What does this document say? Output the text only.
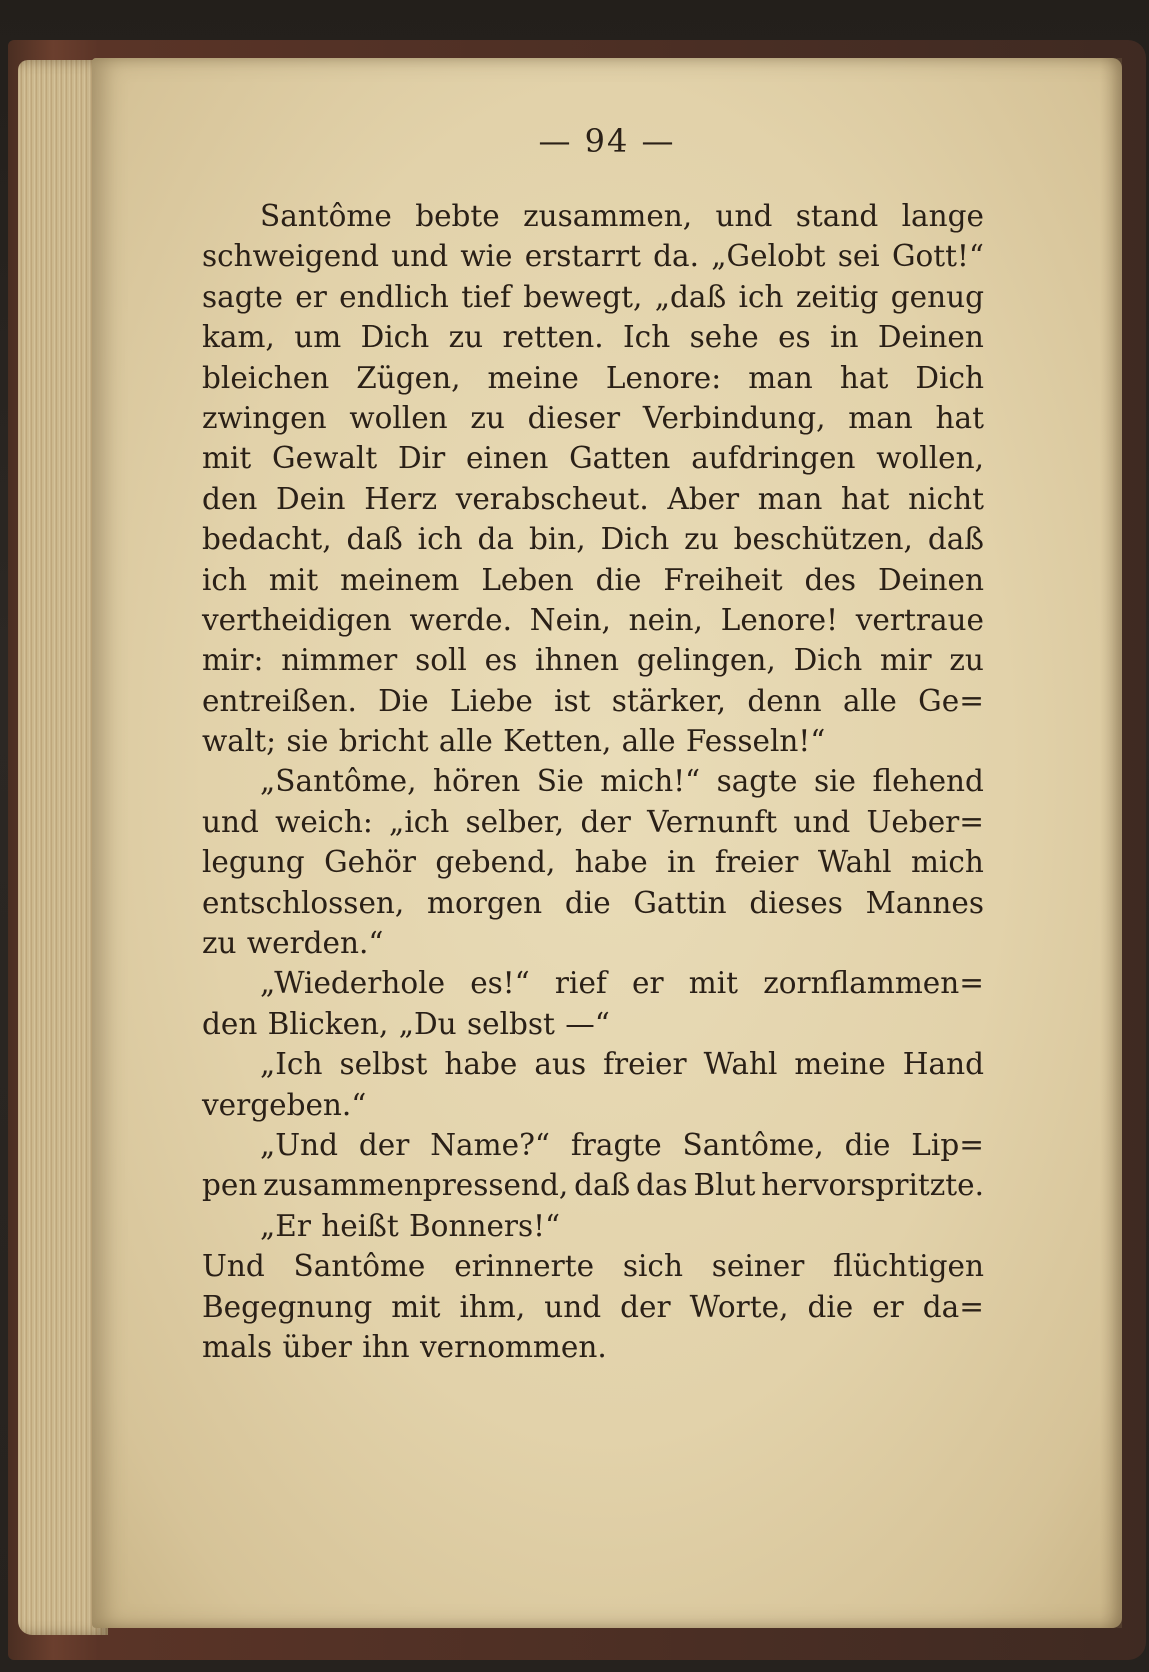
— 94 —
Santôme bebte zusammen, und stand lange
schweigend und wie erstarrt da. „Gelobt sei Gott!“
sagte er endlich tief bewegt, „daß ich zeitig genug
kam, um Dich zu retten. Ich sehe es in Deinen
bleichen Zügen, meine Lenore: man hat Dich
zwingen wollen zu dieser Verbindung, man hat
mit Gewalt Dir einen Gatten aufdringen wollen,
den Dein Herz verabscheut. Aber man hat nicht
bedacht, daß ich da bin, Dich zu beschützen, daß
ich mit meinem Leben die Freiheit des Deinen
vertheidigen werde. Nein, nein, Lenore! vertraue
mir: nimmer soll es ihnen gelingen, Dich mir zu
entreißen. Die Liebe ist stärker, denn alle Ge=
walt; sie bricht alle Ketten, alle Fesseln!“
„Santôme, hören Sie mich!“ sagte sie flehend
und weich: „ich selber, der Vernunft und Ueber=
legung Gehör gebend, habe in freier Wahl mich
entschlossen, morgen die Gattin dieses Mannes
zu werden.“
„Wiederhole es!“ rief er mit zornflammen=
den Blicken, „Du selbst —“
„Ich selbst habe aus freier Wahl meine Hand
vergeben.“
„Und der Name?“ fragte Santôme, die Lip=
pen zusammenpressend, daß das Blut hervorspritzte.
„Er heißt Bonners!“
Und Santôme erinnerte sich seiner flüchtigen
Begegnung mit ihm, und der Worte, die er da=
mals über ihn vernommen.
